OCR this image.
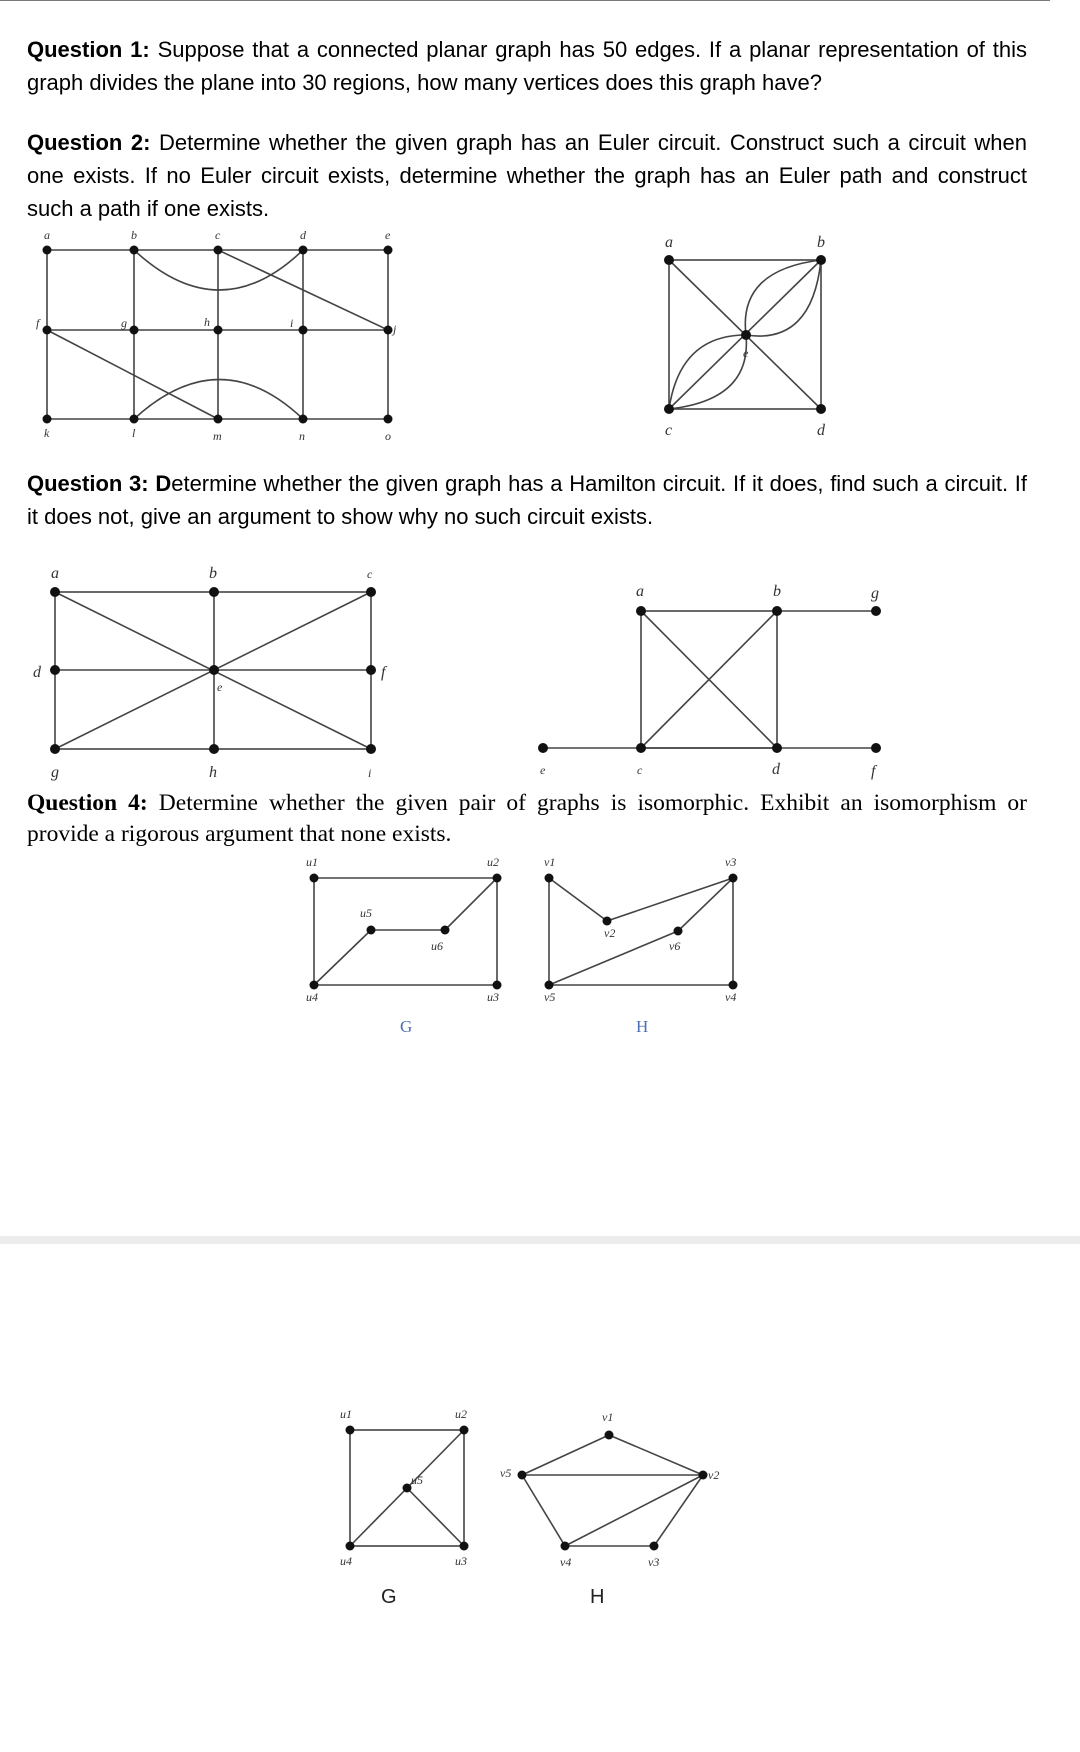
Question 1: Suppose that a connected planar graph has 50 edges. If a planar representation of this graph divides the plane into 30 regions, how many vertices does this graph have?
Question 2: Determine whether the given graph has an Euler circuit. Construct such a circuit when one exists. If no Euler circuit exists, determine whether the graph has an Euler path and construct such a path if one exists.
Question 3: Determine whether the given graph has a Hamilton circuit. If it does, find such a circuit. If it does not, give an argument to show why no such circuit exists.
Question 4: Determine whether the given pair of graphs is isomorphic. Exhibit an isomorphism or provide a rigorous argument that none exists.
a	b	c	d	e
f	g	h	i	j
k	l	m	n	o
a	b
e
c	d
a	b	c
d
e
f
g	h	i
a	b	g
e	c	d	f
u1	u2
u5
u6
u4	u3
G
v1	v3
v2
v6
v5	v4
H
u1	u2
u5
u4	u3
G
v1
v5	v2
v4	v3
H
